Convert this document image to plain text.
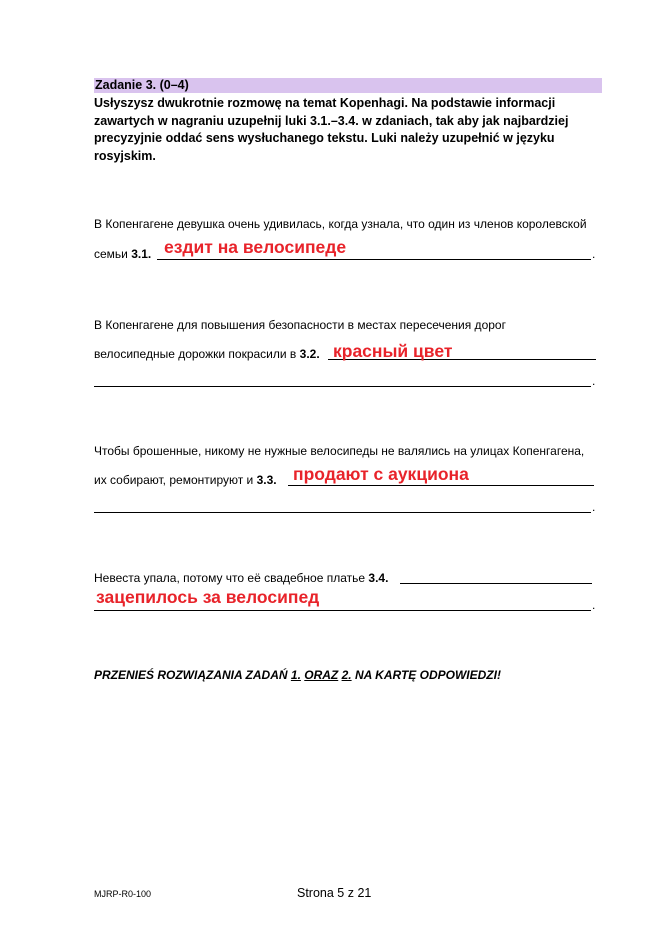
Zadanie 3. (0–4)
Usłyszysz dwukrotnie rozmowę na temat Kopenhagi. Na podstawie informacji zawartych w nagraniu uzupełnij luki 3.1.–3.4. w zdaniach, tak aby jak najbardziej precyzyjnie oddać sens wysłuchanego tekstu. Luki należy uzupełnić w języku rosyjskim.
В Копенгагене девушка очень удивилась, когда узнала, что один из членов королевской
семьи 3.1.	.
ездит на велосипеде
В Копенгагене для повышения безопасности в местах пересечения дорог
велосипедные дорожки покрасили в 3.2. красный цвет
.
Чтобы брошенные, никому не нужные велосипеды не валялись на улицах Копенгагена,
их собирают, ремонтируют и 3.3. продают с аукциона
.
Невеста упала, потому что её свадебное платье 3.4.
зацепилось за велосипед	.
PRZENIEŚ ROZWIĄZANIA ZADAŃ 1. ORAZ 2. NA KARTĘ ODPOWIEDZI!
MJRP-R0-100	Strona 5 z 21
